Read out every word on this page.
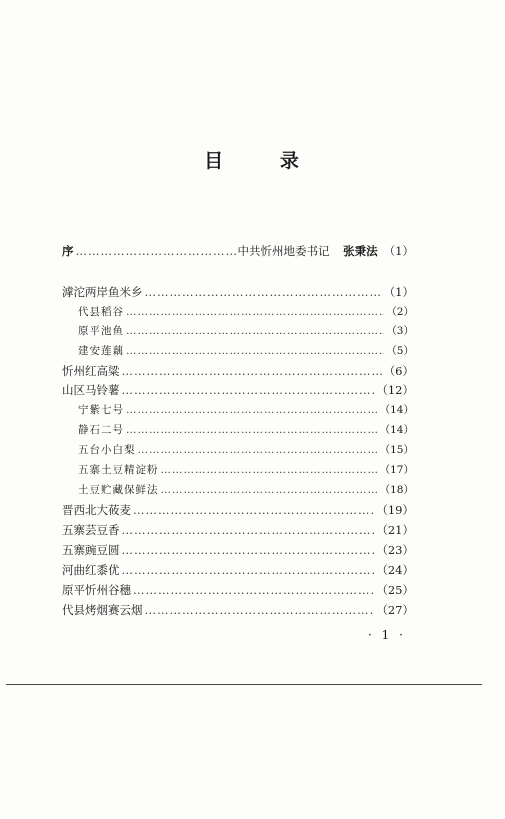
目	录
序 ……………………………………………………………………………………………………………………………………………	中共忻州地委书记 张秉法 （1）
滹沱两岸鱼米乡 ……………………………………………………………………………………………………………………………………………	（1）
代县稻谷 ……………………………………………………………………………………………………………………………………………	（2）
原平池鱼 ……………………………………………………………………………………………………………………………………………	（3）
建安莲藕 ……………………………………………………………………………………………………………………………………………	（5）
忻州红高粱 ……………………………………………………………………………………………………………………………………………	（6）
山区马铃薯 ……………………………………………………………………………………………………………………………………………	（12）
宁紫七号 ……………………………………………………………………………………………………………………………………………	（14）
静石二号 ……………………………………………………………………………………………………………………………………………	（14）
五台小白梨 ……………………………………………………………………………………………………………………………………………	（15）
五寨土豆精淀粉 ……………………………………………………………………………………………………………………………………………	（17）
土豆贮藏保鲜法 ……………………………………………………………………………………………………………………………………………	（18）
晋西北大莜麦 ……………………………………………………………………………………………………………………………………………	（19）
五寨芸豆香 ……………………………………………………………………………………………………………………………………………	（21）
五寨豌豆圆 ……………………………………………………………………………………………………………………………………………	（23）
河曲红黍优 ……………………………………………………………………………………………………………………………………………	（24）
原平忻州谷穗 ……………………………………………………………………………………………………………………………………………	（25）
代县烤烟赛云烟 ……………………………………………………………………………………………………………………………………………	（27）
· 1 ·
